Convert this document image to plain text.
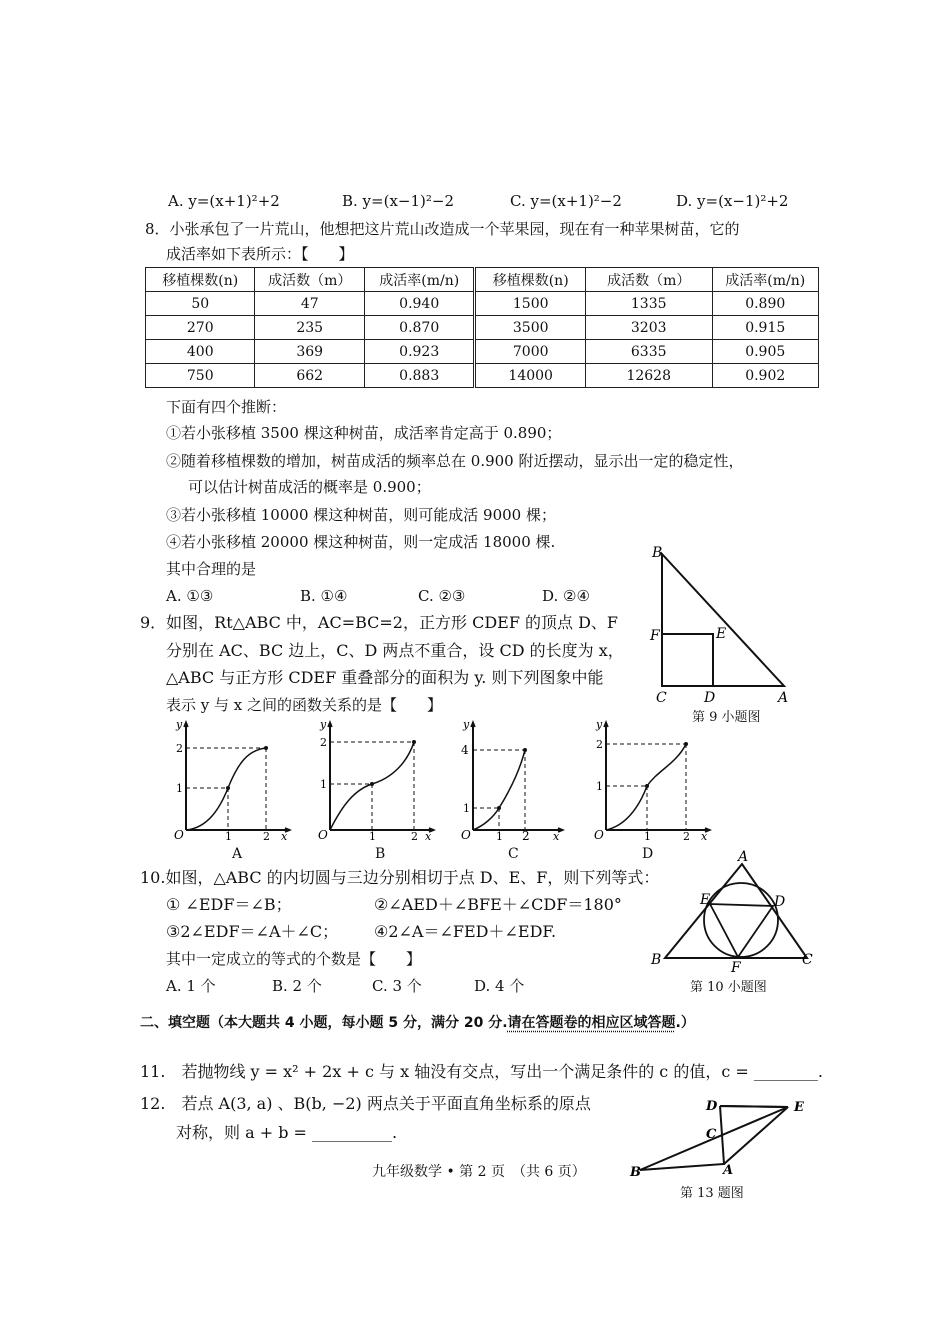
A. y=(x+1)²+2	B. y=(x−1)²−2	C. y=(x+1)²−2	D. y=(x−1)²+2
8．小张承包了一片荒山，他想把这片荒山改造成一个苹果园，现在有一种苹果树苗，它的
成活率如下表所示：【　　】
移植棵数(n)	成活数（m）	成活率(m/n)	移植棵数(n)	成活数（m）	成活率(m/n)
50	47	0.940	1500	1335	0.890
270	235	0.870	3500	3203	0.915
400	369	0.923	7000	6335	0.905
750	662	0.883	14000	12628	0.902
下面有四个推断：
①若小张移植 3500 棵这种树苗，成活率肯定高于 0.890；
②随着移植棵数的增加，树苗成活的频率总在 0.900 附近摆动，显示出一定的稳定性，
可以估计树苗成活的概率是 0.900；
③若小张移植 10000 棵这种树苗，则可能成活 9000 棵；
④若小张移植 20000 棵这种树苗，则一定成活 18000 棵.
其中合理的是
A. ①③	B. ①④	C. ②③	D. ②④
B
F	E
C	D	A
第 9 小题图
9．如图，Rt△ABC 中，AC=BC=2，正方形 CDEF 的顶点 D、F
分别在 AC、BC 边上，C、D 两点不重合，设 CD 的长度为 x，
△ABC 与正方形 CDEF 重叠部分的面积为 y. 则下列图象中能
表示 y 与 x 之间的函数关系的是【　　】
y
2
1
O	1	2 x
y
2
1
O	1	2 x
y
4
1
O 1 2 x
y
2
1
O	1	2 x
A	B	C	D
10.如图，△ABC 的内切圆与三边分别相切于点 D、E、F，则下列等式：
① ∠EDF＝∠B；	②∠AED＋∠BFE＋∠CDF＝180°
③2∠EDF＝∠A＋∠C； ④2∠A＝∠FED＋∠EDF.
其中一定成立的等式的个数是【　　】
A. 1 个	B. 2 个	C. 3 个	D. 4 个
A
E	D
B	F	C
第 10 小题图
二、填空题（本大题共 4 小题，每小题 5 分，满分 20 分.请在答题卷的相应区域答题.）
11.　若抛物线 y = x² + 2x + c 与 x 轴没有交点，写出一个满足条件的 c 的值，c = ________.
12.　若点 A(3, a) 、B(b, −2) 两点关于平面直角坐标系的原点
对称，则 a + b = __________.
D	E
C
B	A
第 13 题图
九年级数学 • 第 2 页　（共 6 页）
